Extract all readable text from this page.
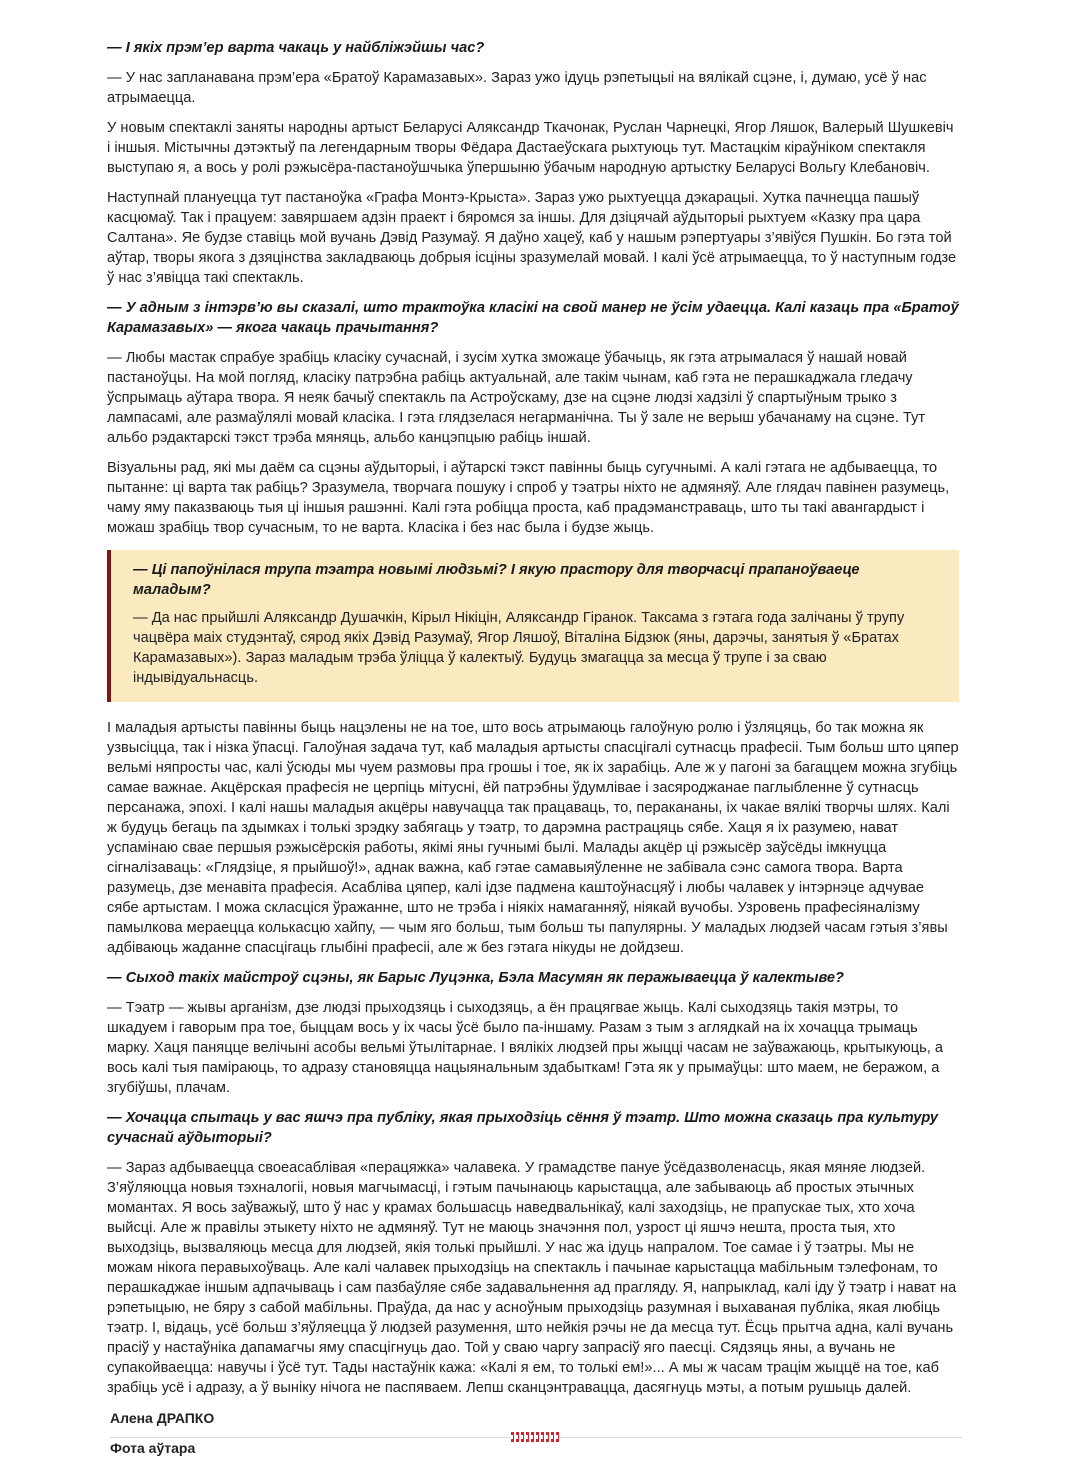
— І якіх прэм’ер варта чакаць у найбліжэйшы час?

— У нас запланавана прэм’ера «Братоў Карамазавых». Зараз ужо ідуць рэпетыцыі на вялікай сцэне, і, думаю, усё ў нас атрымаецца.

У новым спектаклі заняты народны артыст Беларусі Аляксандр Ткачонак, Руслан Чарнецкі, Ягор Ляшок, Валерый Шушкевіч і іншыя. Містычны дэтэктыў па легендарным творы Фёдара Дастаеўскага рыхтуюць тут. Мастацкім кіраўніком спектакля выступаю я, а вось у ролі рэжысёра-пастаноўшчыка ўпершыню ўбачым народную артыстку Беларусі Вольгу Клебановіч.

Наступнай плануецца тут пастаноўка «Графа Монтэ-Крыста». Зараз ужо рыхтуецца дэкарацыі. Хутка пачнецца пашыў касцюмаў. Так і працуем: завяршаем адзін праект і бяромся за іншы. Для дзіцячай аўдыторыі рыхтуем «Казку пра цара Салтана». Яе будзе ставіць мой вучань Дэвід Разумаў. Я даўно хацеў, каб у нашым рэпертуары з’явіўся Пушкін. Бо гэта той аўтар, творы якога з дзяцінства закладваюць добрыя ісціны зразумелай мовай. І калі ўсё атрымаецца, то ў наступным годзе ў нас з’явіцца такі спектакль.

— У адным з інтэрв’ю вы сказалі, што трактоўка класікі на свой манер не ўсім удаецца. Калі казаць пра «Братоў Карамазавых» — якога чакаць прачытання?

— Любы мастак спрабуе зрабіць класіку сучаснай, і зусім хутка зможаце ўбачыць, як гэта атрымалася ў нашай новай пастаноўцы. На мой погляд, класіку патрэбна рабіць актуальнай, але такім чынам, каб гэта не перашкаджала гледачу ўспрымаць аўтара твора. Я неяк бачыў спектакль па Астроўскаму, дзе на сцэне людзі хадзілі ў спартыўным трыко з лампасамі, але размаўлялі мовай класіка. І гэта глядзелася негарманічна. Ты ў зале не верыш убачанаму на сцэне. Тут альбо рэдактарскі тэкст трэба мяняць, альбо канцэпцыю рабіць іншай.

Візуальны рад, які мы даём са сцэны аўдыторыі, і аўтарскі тэкст павінны быць сугучнымі. А калі гэтага не адбываецца, то пытанне: ці варта так рабіць? Зразумела, творчага пошуку і спроб у тэатры ніхто не адмяняў. Але глядач павінен разумець, чаму яму паказваюць тыя ці іншыя рашэнні. Калі гэта робіцца проста, каб прадэманстраваць, што ты такі авангардыст і можаш зрабіць твор сучасным, то не варта. Класіка і без нас была і будзе жыць.

— Ці папоўнілася трупа тэатра новымі людзьмі? І якую прастору для творчасці прапаноўваеце маладым?

— Да нас прыйшлі Аляксандр Душачкін, Кірыл Нікіцін, Аляксандр Гіранок. Таксама з гэтага года залічаны ў трупу чацвёра маіх студэнтаў, сярод якіх Дэвід Разумаў, Ягор Ляшоў, Віталіна Бідзюк (яны, дарэчы, занятыя ў «Братах Карамазавых»). Зараз маладым трэба ўліцца ў калектыў. Будуць змагацца за месца ў трупе і за сваю індывідуальнасць.

І маладыя артысты павінны быць нацэлены не на тое, што вось атрымаюць галоўную ролю і ўзляцяць, бо так можна як узвысіцца, так і нізка ўпасці. Галоўная задача тут, каб маладыя артысты спасцігалі сутнасць прафесіі. Тым больш што цяпер вельмі няпросты час, калі ўсюды мы чуем размовы пра грошы і тое, як іх зарабіць. Але ж у пагоні за багаццем можна згубіць самае важнае. Акцёрская прафесія не церпіць мітусні, ёй патрэбны ўдумлівае і засяроджанае паглыбленне ў сутнасць персанажа, эпохі. І калі нашы маладыя акцёры навучацца так працаваць, то, перакананы, іх чакае вялікі творчы шлях. Калі ж будуць бегаць па здымках і толькі зрэдку забягаць у тэатр, то дарэмна растрацяць сябе. Хаця я іх разумею, нават успамінаю свае першыя рэжысёрскія работы, якімі яны гучнымі былі. Малады акцёр ці рэжысёр заўсёды імкнуцца сігналізаваць: «Глядзіце, я прыйшоў!», аднак важна, каб гэтае самавыяўленне не забівала сэнс самога твора. Варта разумець, дзе менавіта прафесія. Асабліва цяпер, калі ідзе падмена каштоўнасцяў і любы чалавек у інтэрнэце адчувае сябе артыстам. І можа скласціся ўражанне, што не трэба і ніякіх намаганняў, ніякай вучобы. Узровень прафесіяналізму памылкова мераецца колькасцю хайпу, — чым яго больш, тым больш ты папулярны. У маладых людзей часам гэтыя з’явы адбіваюць жаданне спасцігаць глыбіні прафесіі, але ж без гэтага нікуды не дойдзеш.

— Сыход такіх майстроў сцэны, як Барыс Луцэнка, Бэла Масумян як перажываецца ў калектыве?

— Тэатр — жывы арганізм, дзе людзі прыходзяць і сыходзяць, а ён працягвае жыць. Калі сыходзяць такія мэтры, то шкадуем і гаворым пра тое, быццам вось у іх часы ўсё было па-іншаму. Разам з тым з аглядкай на іх хочацца трымаць марку. Хаця паняцце велічыні асобы вельмі ўтылітарнае. І вялікіх людзей пры жыцці часам не заўважаюць, крытыкуюць, а вось калі тыя паміраюць, то адразу становяцца нацыянальным здабыткам! Гэта як у прымаўцы: што маем, не беражом, а згубіўшы, плачам.

— Хочацца спытаць у вас яшчэ пра публіку, якая прыходзіць сёння ў тэатр. Што можна сказаць пра культуру сучаснай аўдыторыі?

— Зараз адбываецца своеасаблівая «перацяжка» чалавека. У грамадстве пануе ўсёдазволенасць, якая мяняе людзей. З’яўляюцца новыя тэхналогіі, новыя магчымасці, і гэтым пачынаюць карыстацца, але забываюць аб простых этычных момантах. Я вось заўважыў, што ў нас у крамах большасць наведвальнікаў, калі заходзіць, не прапускае тых, хто хоча выйсці. Але ж правілы этыкету ніхто не адмяняў. Тут не маюць значэння пол, узрост ці яшчэ нешта, проста тыя, хто выходзіць, вызваляюць месца для людзей, якія толькі прыйшлі. У нас жа ідуць напралом. Тое самае і ў тэатры. Мы не можам нікога перавыхоўваць. Але калі чалавек прыходзіць на спектакль і пачынае карыстацца мабільным тэлефонам, то перашкаджае іншым адпачываць і сам пазбаўляе сябе задавальнення ад прагляду. Я, напрыклад, калі іду ў тэатр і нават на рэпетыцыю, не бяру з сабой мабільны. Праўда, да нас у асноўным прыходзіць разумная і выхаваная публіка, якая любіць тэатр. І, відаць, усё больш з’яўляецца ў людзей разумення, што нейкія рэчы не да месца тут. Ёсць прытча адна, калі вучань прасіў у настаўніка дапамагчы яму спасцігнуць дао. Той у сваю чаргу запрасіў яго паесці. Сядзяць яны, а вучань не супакойваецца: навучы і ўсё тут. Тады настаўнік кажа: «Калі я ем, то толькі ем!»... А мы ж часам трацім жыццё на тое, каб зрабіць усё і адразу, а ў выніку нічога не паспяваем. Лепш сканцэнтравацца, дасягнуць мэты, а потым рушыць далей.

Алена ДРАПКО
Фота аўтара
